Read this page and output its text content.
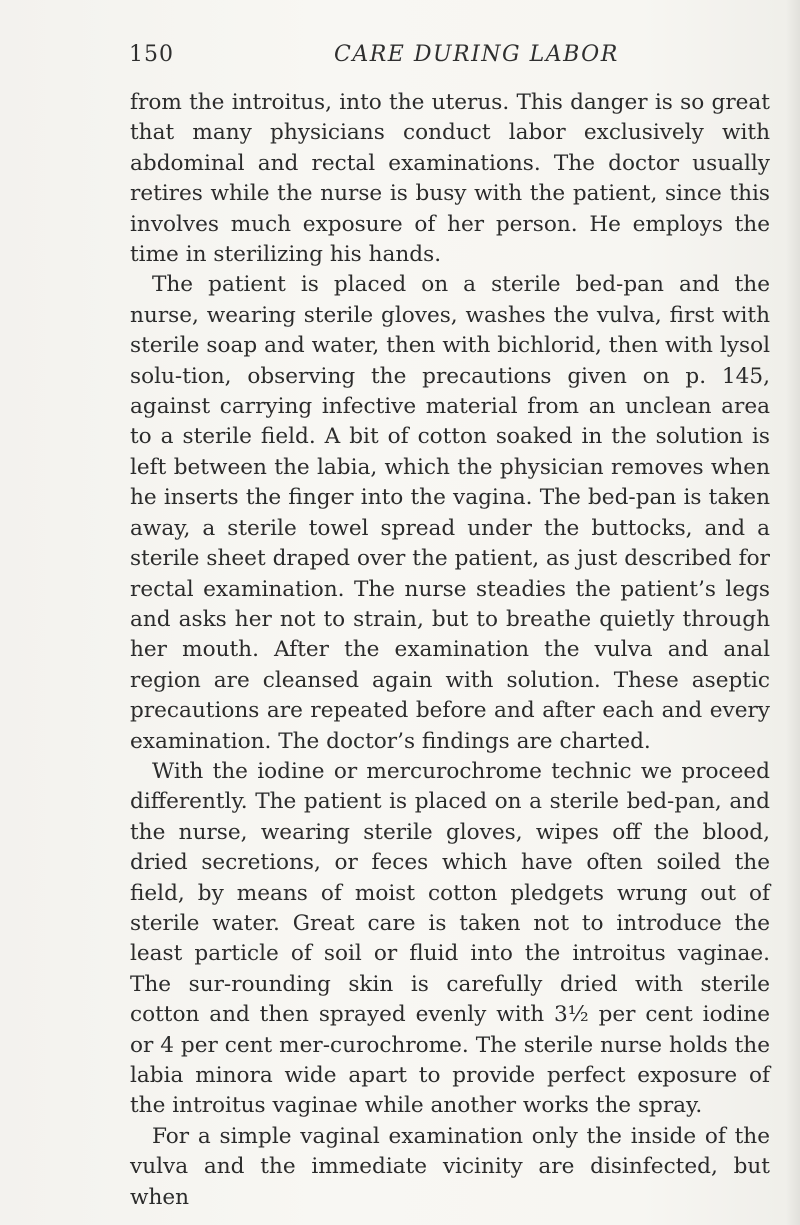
150	CARE DURING LABOR

from the introitus, into the uterus. This danger is so great that many physicians conduct labor exclusively with abdominal and rectal examinations. The doctor usually retires while the nurse is busy with the patient, since this involves much exposure of her person. He employs the time in sterilizing his hands.

The patient is placed on a sterile bed-pan and the nurse, wearing sterile gloves, washes the vulva, first with sterile soap and water, then with bichlorid, then with lysol solu-tion, observing the precautions given on p. 145, against carrying infective material from an unclean area to a sterile field. A bit of cotton soaked in the solution is left between the labia, which the physician removes when he inserts the finger into the vagina. The bed-pan is taken away, a sterile towel spread under the buttocks, and a sterile sheet draped over the patient, as just described for rectal examination. The nurse steadies the patient’s legs and asks her not to strain, but to breathe quietly through her mouth. After the examination the vulva and anal region are cleansed again with solution. These aseptic precautions are repeated before and after each and every examination. The doctor’s findings are charted.

With the iodine or mercurochrome technic we proceed differently. The patient is placed on a sterile bed-pan, and the nurse, wearing sterile gloves, wipes off the blood, dried secretions, or feces which have often soiled the field, by means of moist cotton pledgets wrung out of sterile water. Great care is taken not to introduce the least particle of soil or fluid into the introitus vaginae. The sur-rounding skin is carefully dried with sterile cotton and then sprayed evenly with 3½ per cent iodine or 4 per cent mer-curochrome. The sterile nurse holds the labia minora wide apart to provide perfect exposure of the introitus vaginae while another works the spray.

For a simple vaginal examination only the inside of the vulva and the immediate vicinity are disinfected, but when
